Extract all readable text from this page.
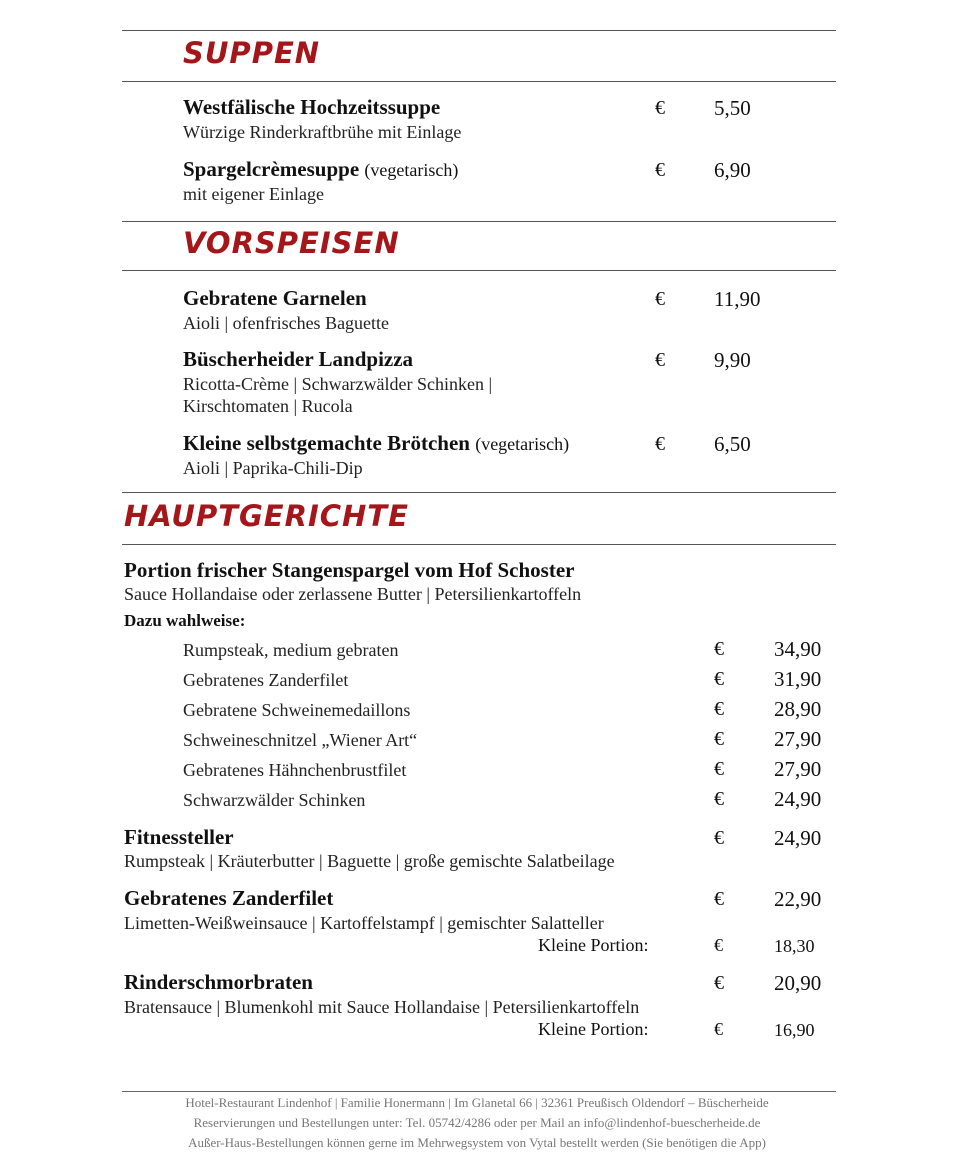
SUPPEN
Westfälische Hochzeitssuppe
Würzige Rinderkraftbrühe mit Einlage
€ 5,50
Spargelcrèmesuppe (vegetarisch)
mit eigener Einlage
€ 6,90
VORSPEISEN
Gebratene Garnelen
Aioli | ofenfrisches Baguette
€ 11,90
Büscherheider Landpizza
Ricotta-Crème | Schwarzwälder Schinken |
Kirschtomaten | Rucola
€ 9,90
Kleine selbstgemachte Brötchen (vegetarisch)
Aioli | Paprika-Chili-Dip
€ 6,50
HAUPTGERICHTE
Portion frischer Stangenspargel vom Hof Schoster
Sauce Hollandaise oder zerlassene Butter | Petersilienkartoffeln
Dazu wahlweise:
Rumpsteak, medium gebraten	€ 34,90
Gebratenes Zanderfilet	€ 31,90
Gebratene Schweinemedaillons	€ 28,90
Schweineschnitzel „Wiener Art“	€ 27,90
Gebratenes Hähnchenbrustfilet	€ 27,90
Schwarzwälder Schinken	€ 24,90
Fitnessteller	€ 24,90
Rumpsteak | Kräuterbutter | Baguette | große gemischte Salatbeilage
Gebratenes Zanderfilet	€ 22,90
Limetten-Weißweinsauce | Kartoffelstampf | gemischter Salatteller
Kleine Portion:	€	18,30
Rinderschmorbraten	€ 20,90
Bratensauce | Blumenkohl mit Sauce Hollandaise | Petersilienkartoffeln
Kleine Portion:	€	16,90
Hotel-Restaurant Lindenhof | Familie Honermann | Im Glanetal 66 | 32361 Preußisch Oldendorf – Büscherheide
Reservierungen und Bestellungen unter: Tel. 05742/4286 oder per Mail an info@lindenhof-buescherheide.de
Außer-Haus-Bestellungen können gerne im Mehrwegsystem von Vytal bestellt werden (Sie benötigen die App)
